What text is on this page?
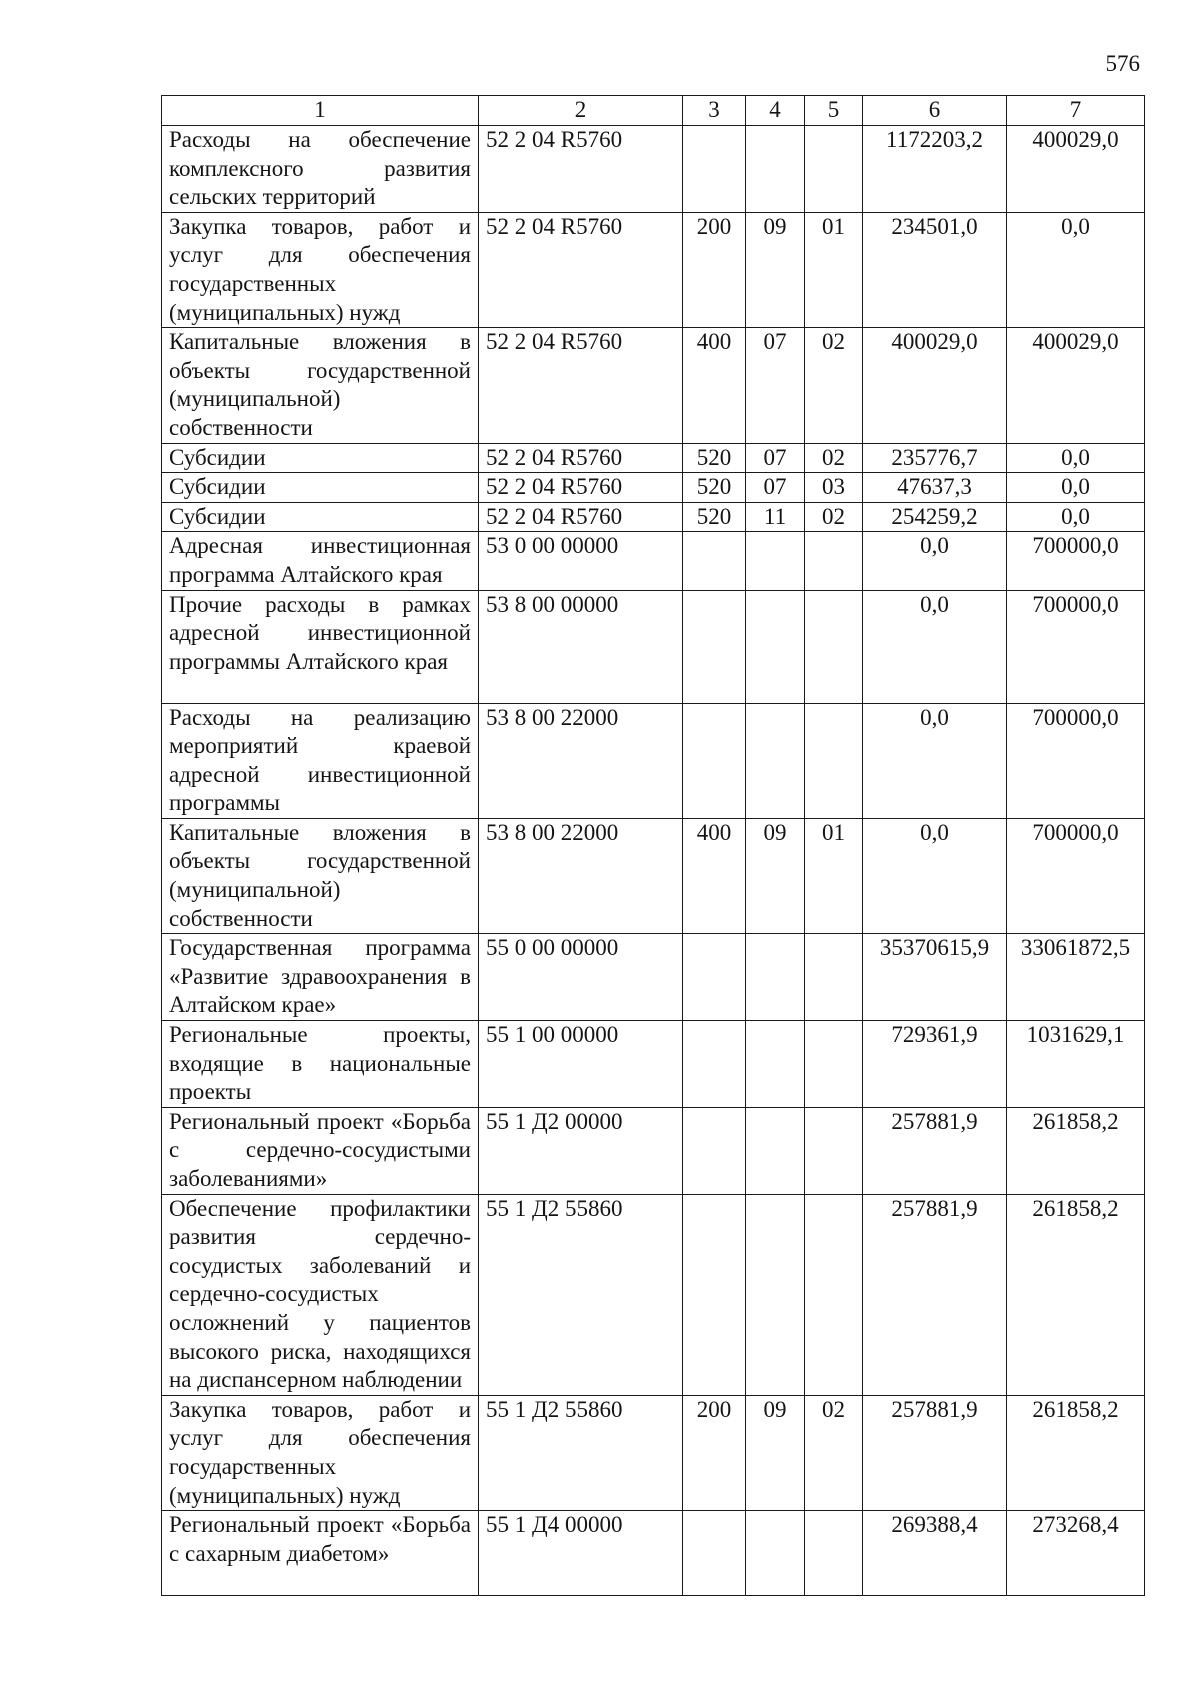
576
1	2	3	4	5	6	7
Расходы на обеспечение комплексного развития сельских территорий	52 2 04 R5760				1172203,2	400029,0
Закупка товаров, работ и услуг для обеспечения государственных (муниципальных) нужд	52 2 04 R5760	200	09	01	234501,0	0,0
Капитальные вложения в объекты государственной (муниципальной) собственности	52 2 04 R5760	400	07	02	400029,0	400029,0
Субсидии	52 2 04 R5760	520	07	02	235776,7	0,0
Субсидии	52 2 04 R5760	520	07	03	47637,3	0,0
Субсидии	52 2 04 R5760	520	11	02	254259,2	0,0
Адресная инвестиционная программа Алтайского края	53 0 00 00000				0,0	700000,0
Прочие расходы в рамках адресной инвестиционной программы Алтайского края	53 8 00 00000				0,0	700000,0
Расходы на реализацию мероприятий краевой адресной инвестиционной программы	53 8 00 22000				0,0	700000,0
Капитальные вложения в объекты государственной (муниципальной) собственности	53 8 00 22000	400	09	01	0,0	700000,0
Государственная программа «Развитие здравоохранения в Алтайском крае»	55 0 00 00000				35370615,9	33061872,5
Региональные проекты, входящие в национальные проекты	55 1 00 00000				729361,9	1031629,1
Региональный проект «Борьба с сердечно-сосудистыми заболеваниями»	55 1 Д2 00000				257881,9	261858,2
Обеспечение профилактики развития сердечно-сосудистых заболеваний и сердечно-сосудистых осложнений у пациентов высокого риска, находящихся на диспансерном наблюдении	55 1 Д2 55860				257881,9	261858,2
Закупка товаров, работ и услуг для обеспечения государственных (муниципальных) нужд	55 1 Д2 55860	200	09	02	257881,9	261858,2
Региональный проект «Борьба с сахарным диабетом»	55 1 Д4 00000				269388,4	273268,4
